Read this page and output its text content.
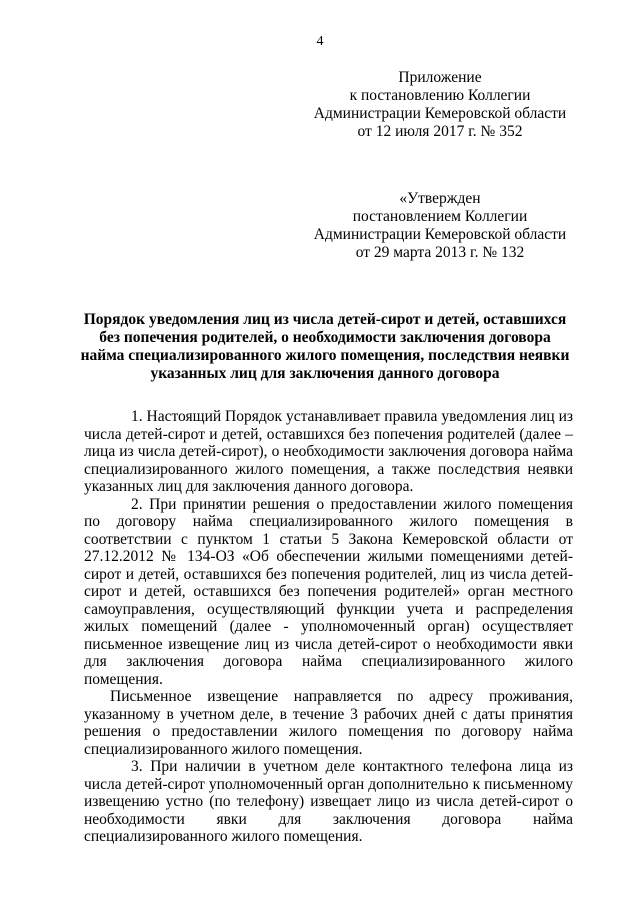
4
Приложение
к постановлению Коллегии
Администрации Кемеровской области
от 12 июля 2017 г. № 352
«Утвержден
постановлением Коллегии
Администрации Кемеровской области
от 29 марта 2013 г. № 132
Порядок уведомления лиц из числа детей-сирот и детей, оставшихся
без попечения родителей, о необходимости заключения договора
найма специализированного жилого помещения, последствия неявки
указанных лиц для заключения данного договора

1. Настоящий Порядок устанавливает правила уведомления лиц из числа детей-сирот и детей, оставшихся без попечения родителей (далее – лица из числа детей-сирот), о необходимости заключения договора найма специализированного жилого помещения, а также последствия неявки указанных лиц для заключения данного договора.

2. При принятии решения о предоставлении жилого помещения по договору найма специализированного жилого помещения в соответствии с пунктом 1 статьи 5 Закона Кемеровской области от 27.12.2012 № 134-ОЗ «Об обеспечении жилыми помещениями детей-сирот и детей, оставшихся без попечения родителей, лиц из числа детей-сирот и детей, оставшихся без попечения родителей» орган местного самоуправления, осуществляющий функции учета и распределения жилых помещений (далее - уполномоченный орган) осуществляет письменное извещение лиц из числа детей-сирот о необходимости явки для заключения договора найма специализированного жилого помещения.

Письменное извещение направляется по адресу проживания, указанному в учетном деле, в течение 3 рабочих дней с даты принятия решения о предоставлении жилого помещения по договору найма специализированного жилого помещения.

3. При наличии в учетном деле контактного телефона лица из числа детей-сирот уполномоченный орган дополнительно к письменному извещению устно (по телефону) извещает лицо из числа детей-сирот о необходимости явки для заключения договора найма специализированного жилого помещения.
